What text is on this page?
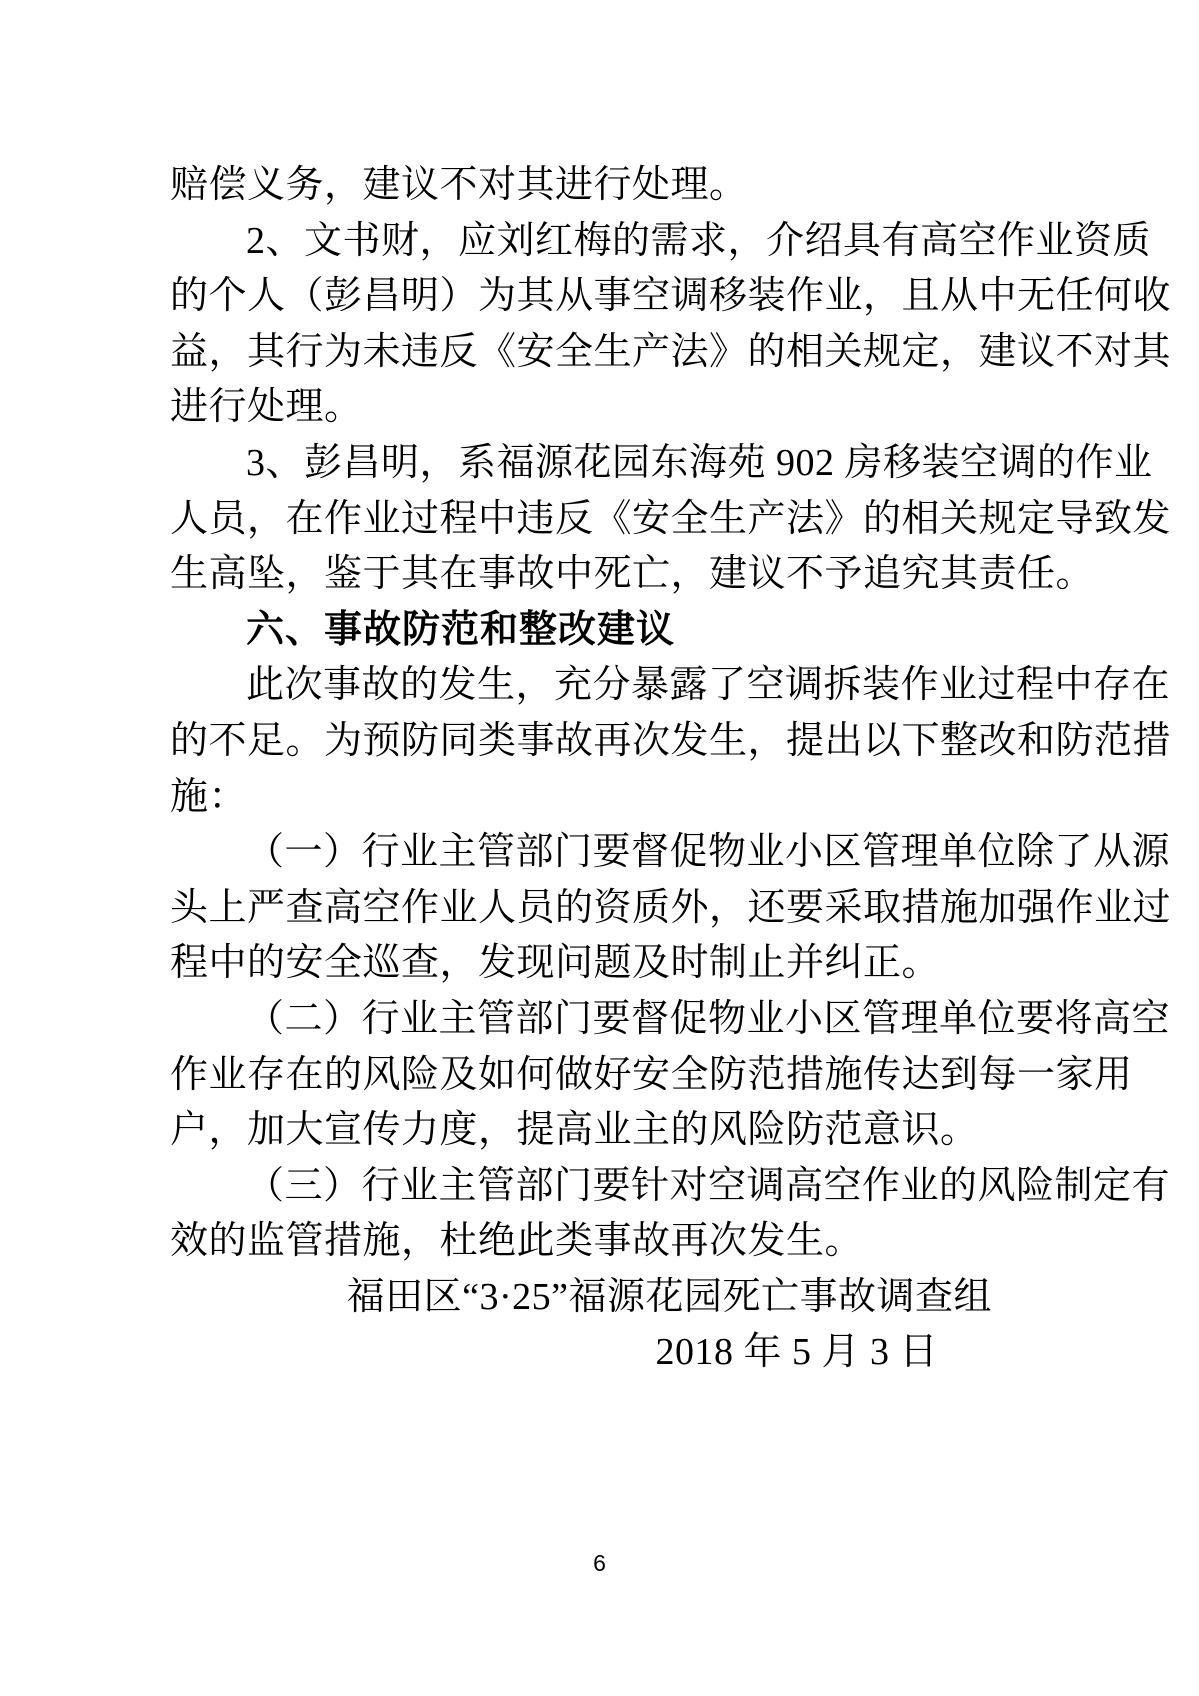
赔偿义务，建议不对其进行处理。
2、文书财，应刘红梅的需求，介绍具有高空作业资质
的个人（彭昌明）为其从事空调移装作业，且从中无任何收
益，其行为未违反《安全生产法》的相关规定，建议不对其
进行处理。
3、彭昌明，系福源花园东海苑 902 房移装空调的作业
人员，在作业过程中违反《安全生产法》的相关规定导致发
生高坠，鉴于其在事故中死亡，建议不予追究其责任。
六、事故防范和整改建议
此次事故的发生，充分暴露了空调拆装作业过程中存在
的不足。为预防同类事故再次发生，提出以下整改和防范措
施：
（一）行业主管部门要督促物业小区管理单位除了从源
头上严查高空作业人员的资质外，还要采取措施加强作业过
程中的安全巡查，发现问题及时制止并纠正。
（二）行业主管部门要督促物业小区管理单位要将高空
作业存在的风险及如何做好安全防范措施传达到每一家用
户，加大宣传力度，提高业主的风险防范意识。
（三）行业主管部门要针对空调高空作业的风险制定有
效的监管措施，杜绝此类事故再次发生。
福田区“3·25”福源花园死亡事故调查组
2018 年 5 月 3 日
6
